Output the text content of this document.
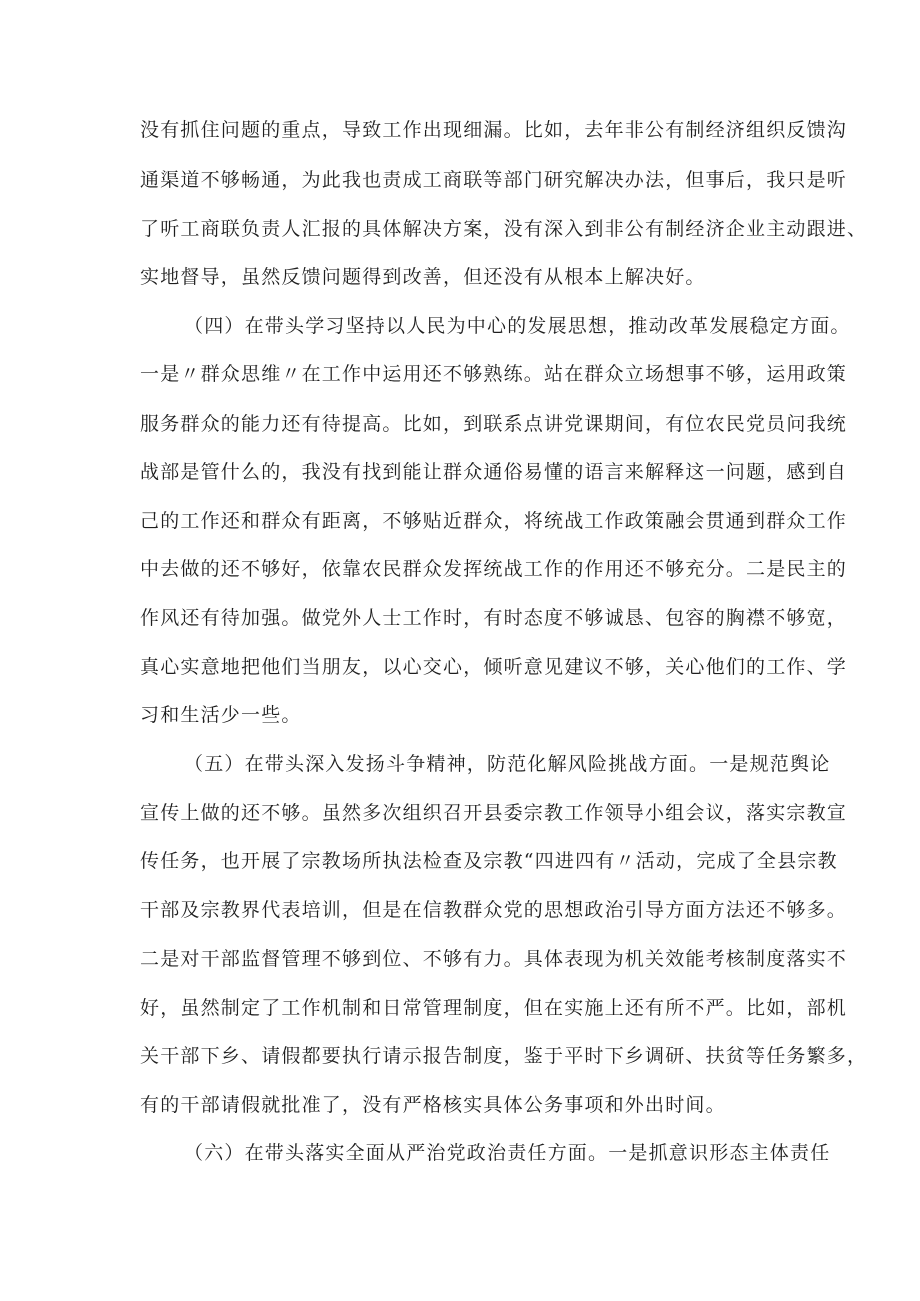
没有抓住问题的重点，导致工作出现细漏。比如，去年非公有制经济组织反馈沟

通渠道不够畅通，为此我也责成工商联等部门研究解决办法，但事后，我只是听

了听工商联负责人汇报的具体解决方案，没有深入到非公有制经济企业主动跟进、

实地督导，虽然反馈问题得到改善，但还没有从根本上解决好。

（四）在带头学习坚持以人民为中心的发展思想，推动改革发展稳定方面。

一是〃群众思维〃在工作中运用还不够熟练。站在群众立场想事不够，运用政策

服务群众的能力还有待提高。比如，到联系点讲党课期间，有位农民党员问我统

战部是管什么的，我没有找到能让群众通俗易懂的语言来解释这一问题，感到自

己的工作还和群众有距离，不够贴近群众，将统战工作政策融会贯通到群众工作

中去做的还不够好，依靠农民群众发挥统战工作的作用还不够充分。二是民主的

作风还有待加强。做党外人士工作时，有时态度不够诚恳、包容的胸襟不够宽，

真心实意地把他们当朋友，以心交心，倾听意见建议不够，关心他们的工作、学

习和生活少一些。

（五）在带头深入发扬斗争精神，防范化解风险挑战方面。一是规范舆论

宣传上做的还不够。虽然多次组织召开县委宗教工作领导小组会议，落实宗教宣

传任务，也开展了宗教场所执法检查及宗教“四进四有〃活动，完成了全县宗教

干部及宗教界代表培训，但是在信教群众党的思想政治引导方面方法还不够多。

二是对干部监督管理不够到位、不够有力。具体表现为机关效能考核制度落实不

好，虽然制定了工作机制和日常管理制度，但在实施上还有所不严。比如，部机

关干部下乡、请假都要执行请示报告制度，鉴于平时下乡调研、扶贫等任务繁多，

有的干部请假就批准了，没有严格核实具体公务事项和外出时间。

（六）在带头落实全面从严治党政治责任方面。一是抓意识形态主体责任
